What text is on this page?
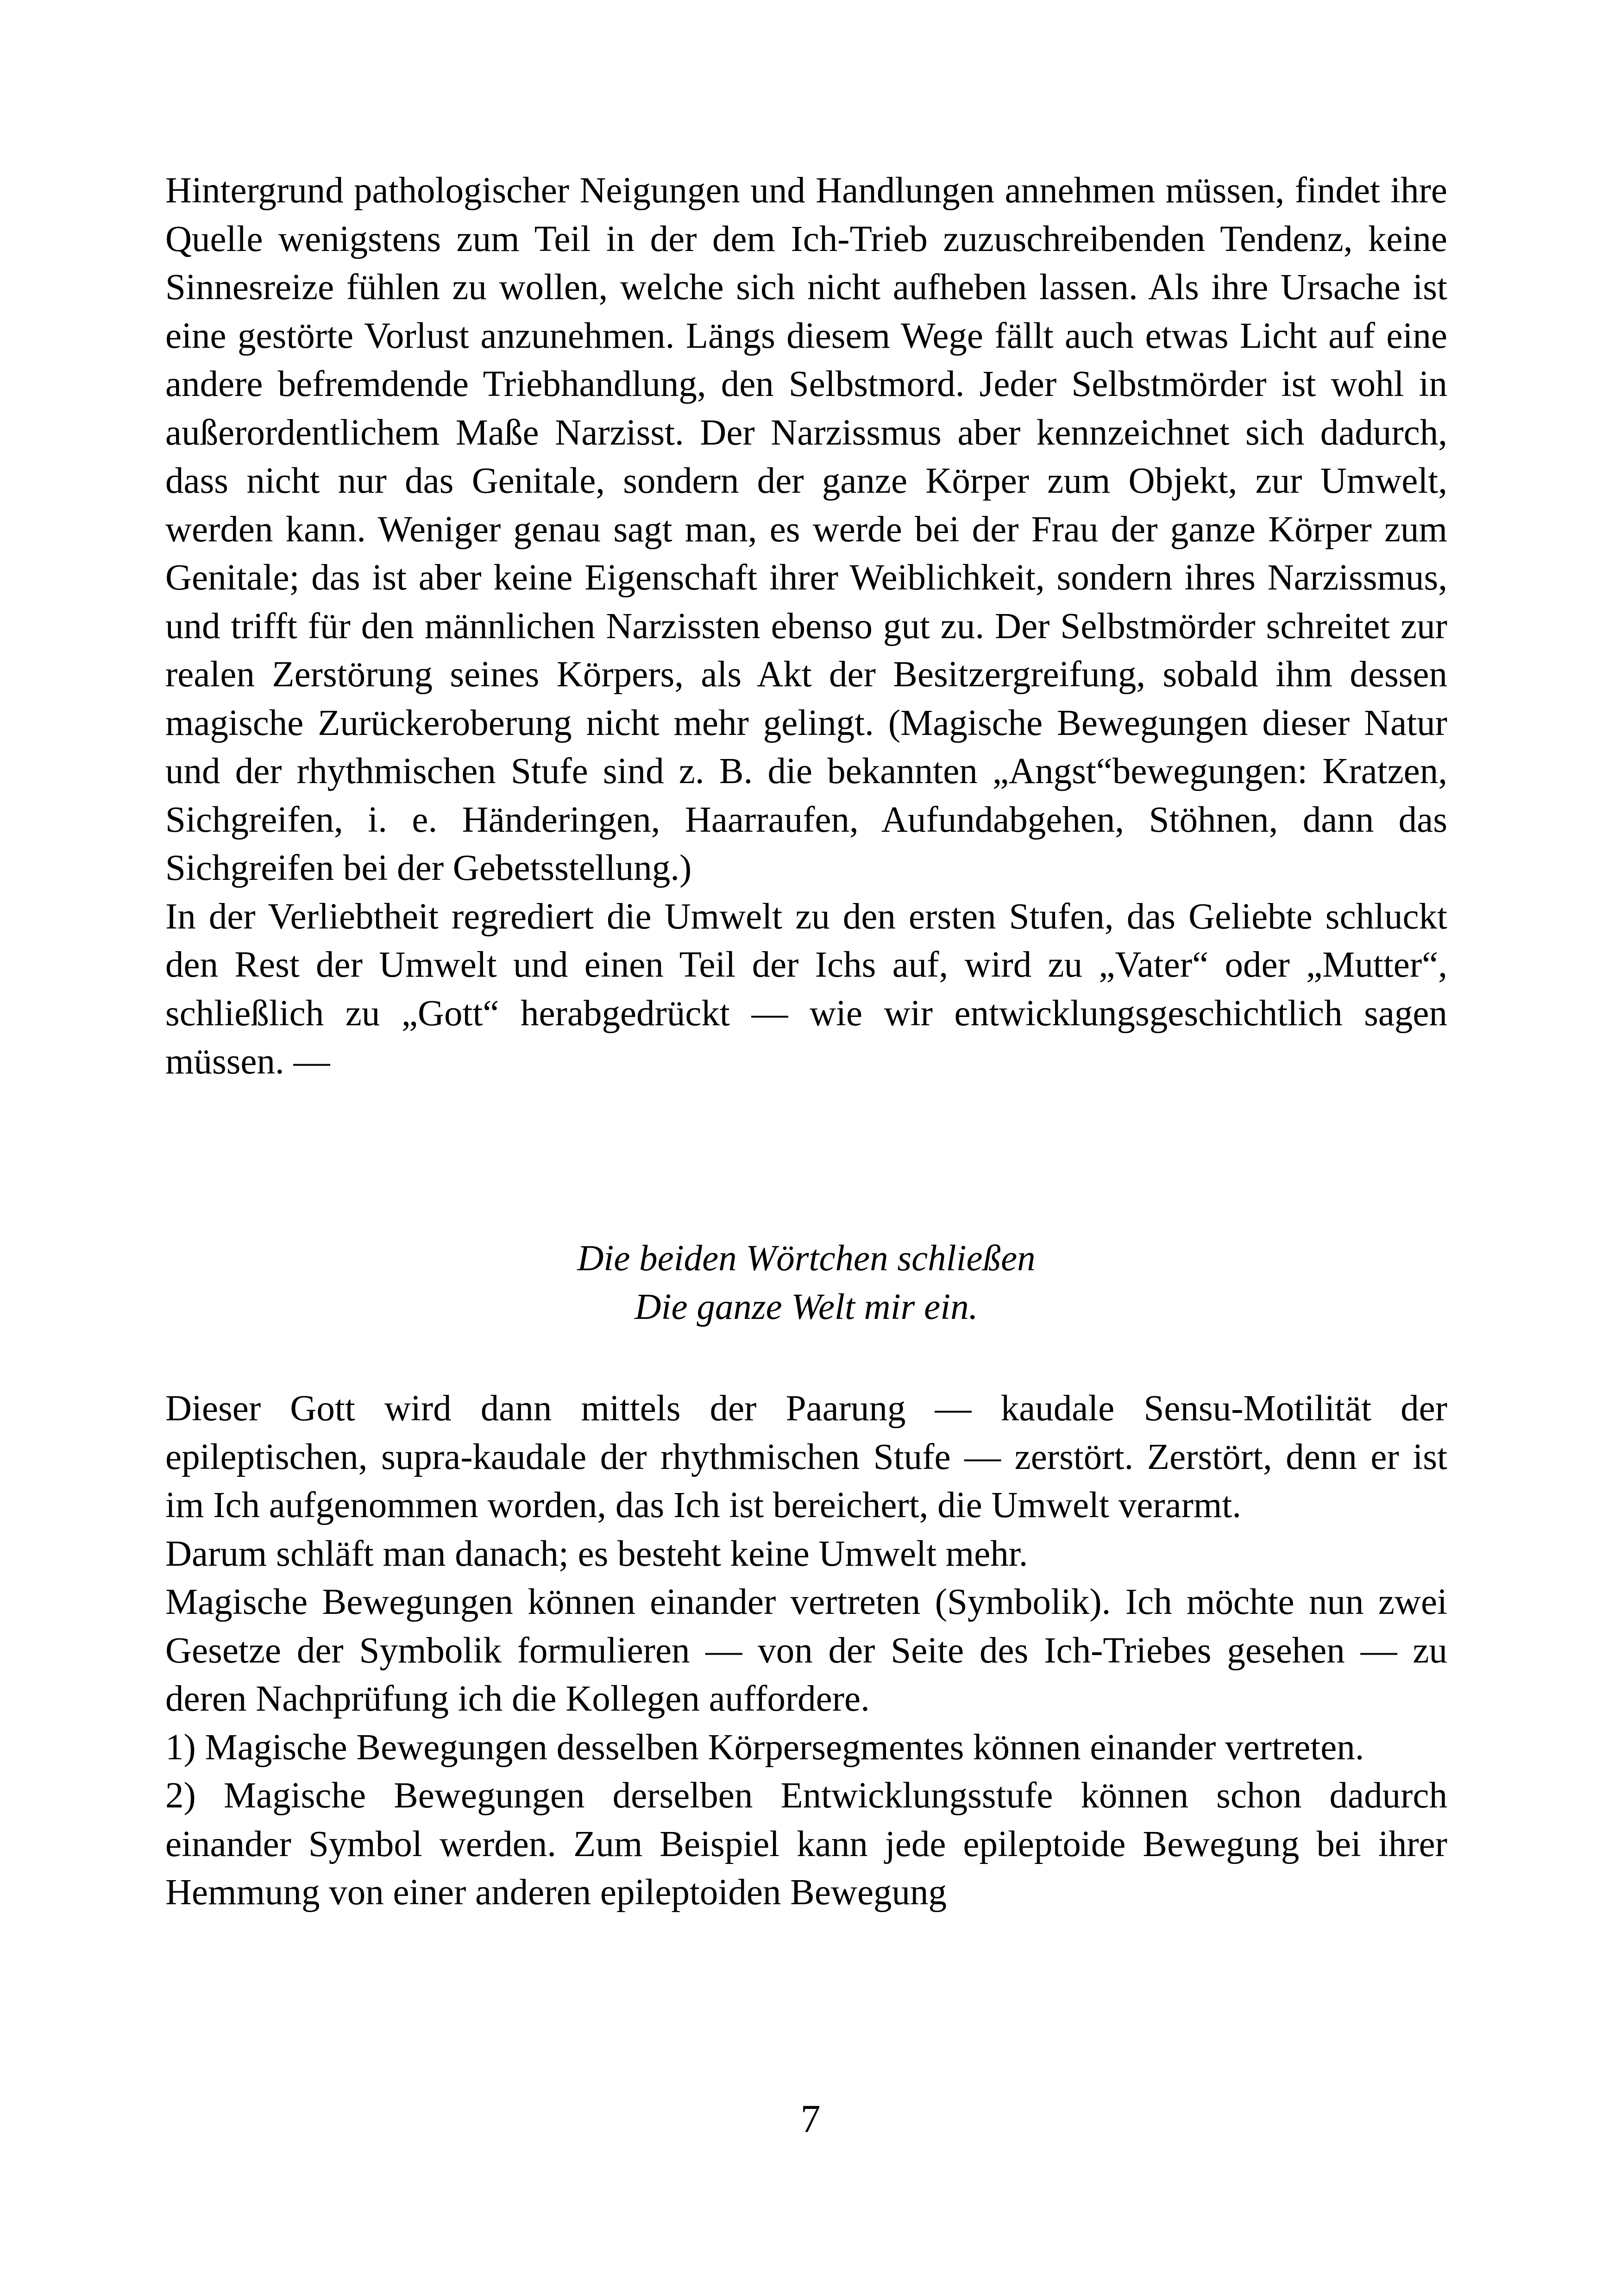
Hintergrund pathologischer Neigungen und Handlungen annehmen müssen, findet ihre Quelle wenigstens zum Teil in der dem Ich-Trieb zuzuschreibenden Tendenz, keine Sinnesreize fühlen zu wollen, welche sich nicht aufheben lassen. Als ihre Ursache ist eine gestörte Vorlust anzunehmen. Längs diesem Wege fällt auch etwas Licht auf eine andere befremdende Triebhandlung, den Selbstmord. Jeder Selbstmörder ist wohl in außerordentlichem Maße Narzisst. Der Narzissmus aber kennzeichnet sich dadurch, dass nicht nur das Genitale, sondern der ganze Körper zum Objekt, zur Umwelt, werden kann. Weniger genau sagt man, es werde bei der Frau der ganze Körper zum Genitale; das ist aber keine Eigenschaft ihrer Weiblichkeit, sondern ihres Narzissmus, und trifft für den männlichen Narzissten ebenso gut zu. Der Selbstmörder schreitet zur realen Zerstörung seines Körpers, als Akt der Besitzergreifung, sobald ihm dessen magische Zurückeroberung nicht mehr gelingt. (Magische Bewegungen dieser Natur und der rhythmischen Stufe sind z. B. die bekannten „Angst“bewegungen: Kratzen, Sichgreifen, i. e. Händeringen, Haarraufen, Aufundabgehen, Stöhnen, dann das Sichgreifen bei der Gebetsstellung.)

In der Verliebtheit regrediert die Umwelt zu den ersten Stufen, das Geliebte schluckt den Rest der Umwelt und einen Teil der Ichs auf, wird zu „Vater“ oder „Mutter“, schließlich zu „Gott“ herabgedrückt — wie wir entwicklungsgeschichtlich sagen müssen. —

Die beiden Wörtchen schließen
Die ganze Welt mir ein.

Dieser Gott wird dann mittels der Paarung — kaudale Sensu-Motilität der epileptischen, supra-kaudale der rhythmischen Stufe — zerstört. Zerstört, denn er ist im Ich aufgenommen worden, das Ich ist bereichert, die Umwelt verarmt.

Darum schläft man danach; es besteht keine Umwelt mehr.

Magische Bewegungen können einander vertreten (Symbolik). Ich möchte nun zwei Gesetze der Symbolik formulieren — von der Seite des Ich-Triebes gesehen — zu deren Nachprüfung ich die Kollegen auffordere.

1) Magische Bewegungen desselben Körpersegmentes können einander vertreten.

2) Magische Bewegungen derselben Entwicklungsstufe können schon dadurch einander Symbol werden. Zum Beispiel kann jede epileptoide Bewegung bei ihrer Hemmung von einer anderen epileptoiden Bewegung

7
